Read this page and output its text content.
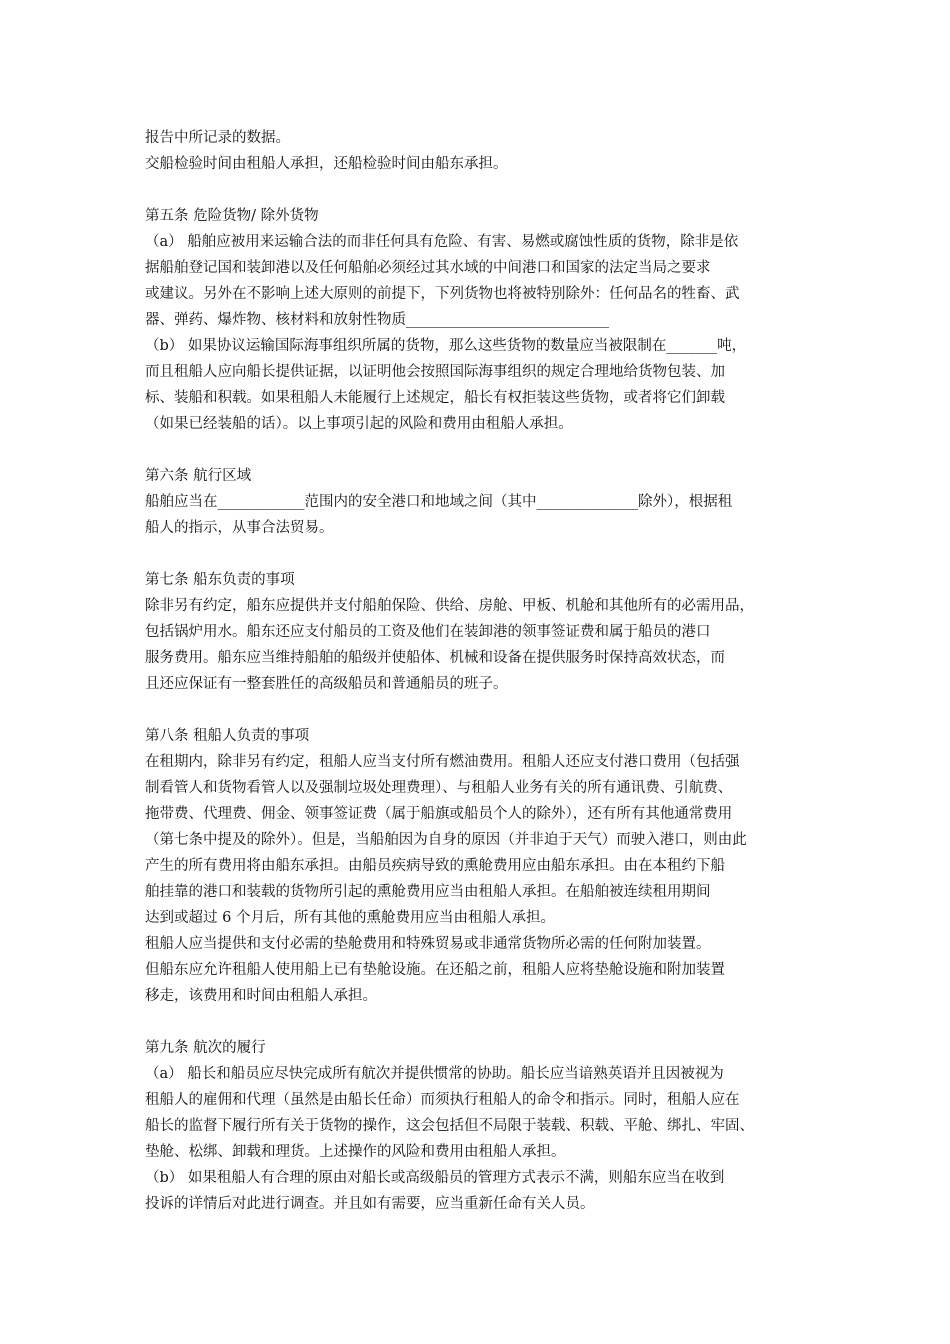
报告中所记录的数据。
交船检验时间由租船人承担，还船检验时间由船东承担。
第五条 危险货物/ 除外货物
（a） 船舶应被用来运输合法的而非任何具有危险、有害、易燃或腐蚀性质的货物，除非是依
据船舶登记国和装卸港以及任何船舶必须经过其水域的中间港口和国家的法定当局之要求
或建议。另外在不影响上述大原则的前提下，下列货物也将被特别除外：任何品名的牲畜、武
器、弹药、爆炸物、核材料和放射性物质____________________________
（b） 如果协议运输国际海事组织所属的货物，那么这些货物的数量应当被限制在_______吨，
而且租船人应向船长提供证据，以证明他会按照国际海事组织的规定合理地给货物包装、加
标、装船和积载。如果租船人未能履行上述规定，船长有权拒装这些货物，或者将它们卸载
（如果已经装船的话）。以上事项引起的风险和费用由租船人承担。
第六条 航行区域
船舶应当在____________范围内的安全港口和地域之间（其中______________除外），根据租
船人的指示，从事合法贸易。
第七条 船东负责的事项
除非另有约定，船东应提供并支付船舶保险、供给、房舱、甲板、机舱和其他所有的必需用品，
包括锅炉用水。船东还应支付船员的工资及他们在装卸港的领事签证费和属于船员的港口
服务费用。船东应当维持船舶的船级并使船体、机械和设备在提供服务时保持高效状态，而
且还应保证有一整套胜任的高级船员和普通船员的班子。
第八条 租船人负责的事项
在租期内，除非另有约定，租船人应当支付所有燃油费用。租船人还应支付港口费用（包括强
制看管人和货物看管人以及强制垃圾处理费理）、与租船人业务有关的所有通讯费、引航费、
拖带费、代理费、佣金、领事签证费（属于船旗或船员个人的除外），还有所有其他通常费用
（第七条中提及的除外）。但是，当船舶因为自身的原因（并非迫于天气）而驶入港口，则由此
产生的所有费用将由船东承担。由船员疾病导致的熏舱费用应由船东承担。由在本租约下船
舶挂靠的港口和装载的货物所引起的熏舱费用应当由租船人承担。在船舶被连续租用期间
达到或超过 6 个月后，所有其他的熏舱费用应当由租船人承担。
租船人应当提供和支付必需的垫舱费用和特殊贸易或非通常货物所必需的任何附加装置。
但船东应允许租船人使用船上已有垫舱设施。在还船之前，租船人应将垫舱设施和附加装置
移走，该费用和时间由租船人承担。
第九条 航次的履行
（a） 船长和船员应尽快完成所有航次并提供惯常的协助。船长应当谙熟英语并且因被视为
租船人的雇佣和代理（虽然是由船长任命）而须执行租船人的命令和指示。同时，租船人应在
船长的监督下履行所有关于货物的操作，这会包括但不局限于装载、积载、平舱、绑扎、牢固、
垫舱、松绑、卸载和理货。上述操作的风险和费用由租船人承担。
（b） 如果租船人有合理的原由对船长或高级船员的管理方式表示不满，则船东应当在收到
投诉的详情后对此进行调查。并且如有需要，应当重新任命有关人员。
